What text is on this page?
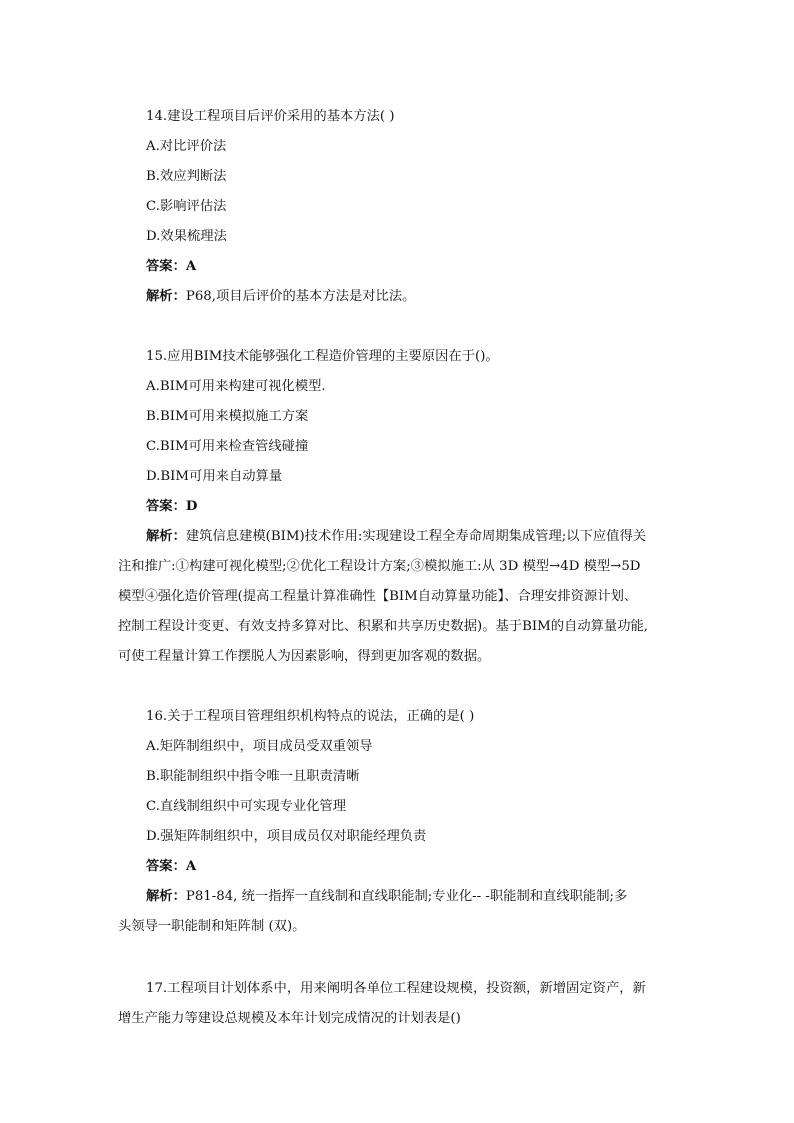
14.建设工程项目后评价采用的基本方法( )
A.对比评价法
B.效应判断法
C.影响评估法
D.效果梳理法
答案：A
解析：P68,项目后评价的基本方法是对比法。
15.应用BIM技术能够强化工程造价管理的主要原因在于()。
A.BIM可用来构建可视化模型.
B.BIM可用来模拟施工方案
C.BIM可用来检查管线碰撞
D.BIM可用来自动算量
答案：D
解析：建筑信息建模(BIM)技术作用:实现建设工程全寿命周期集成管理;以下应值得关
注和推广:①构建可视化模型;②优化工程设计方案;③模拟施工:从 3D 模型→4D 模型→5D
模型④强化造价管理(提高工程量计算准确性【BIM自动算量功能】、合理安排资源计划、
控制工程设计变更、有效支持多算对比、积累和共享历史数据)。基于BIM的自动算量功能,
可使工程量计算工作摆脱人为因素影响，得到更加客观的数据。
16.关于工程项目管理组织机构特点的说法，正确的是( )
A.矩阵制组织中，项目成员受双重领导
B.职能制组织中指令唯一且职责清晰
C.直线制组织中可实现专业化管理
D.强矩阵制组织中，项目成员仅对职能经理负责
答案：A
解析：P81-84, 统一指挥一直线制和直线职能制;专业化-- -职能制和直线职能制;多
头领导一职能制和矩阵制 (双)。
17.工程项目计划体系中，用来阐明各单位工程建设规模，投资额，新增固定资产，新
增生产能力等建设总规模及本年计划完成情况的计划表是()
